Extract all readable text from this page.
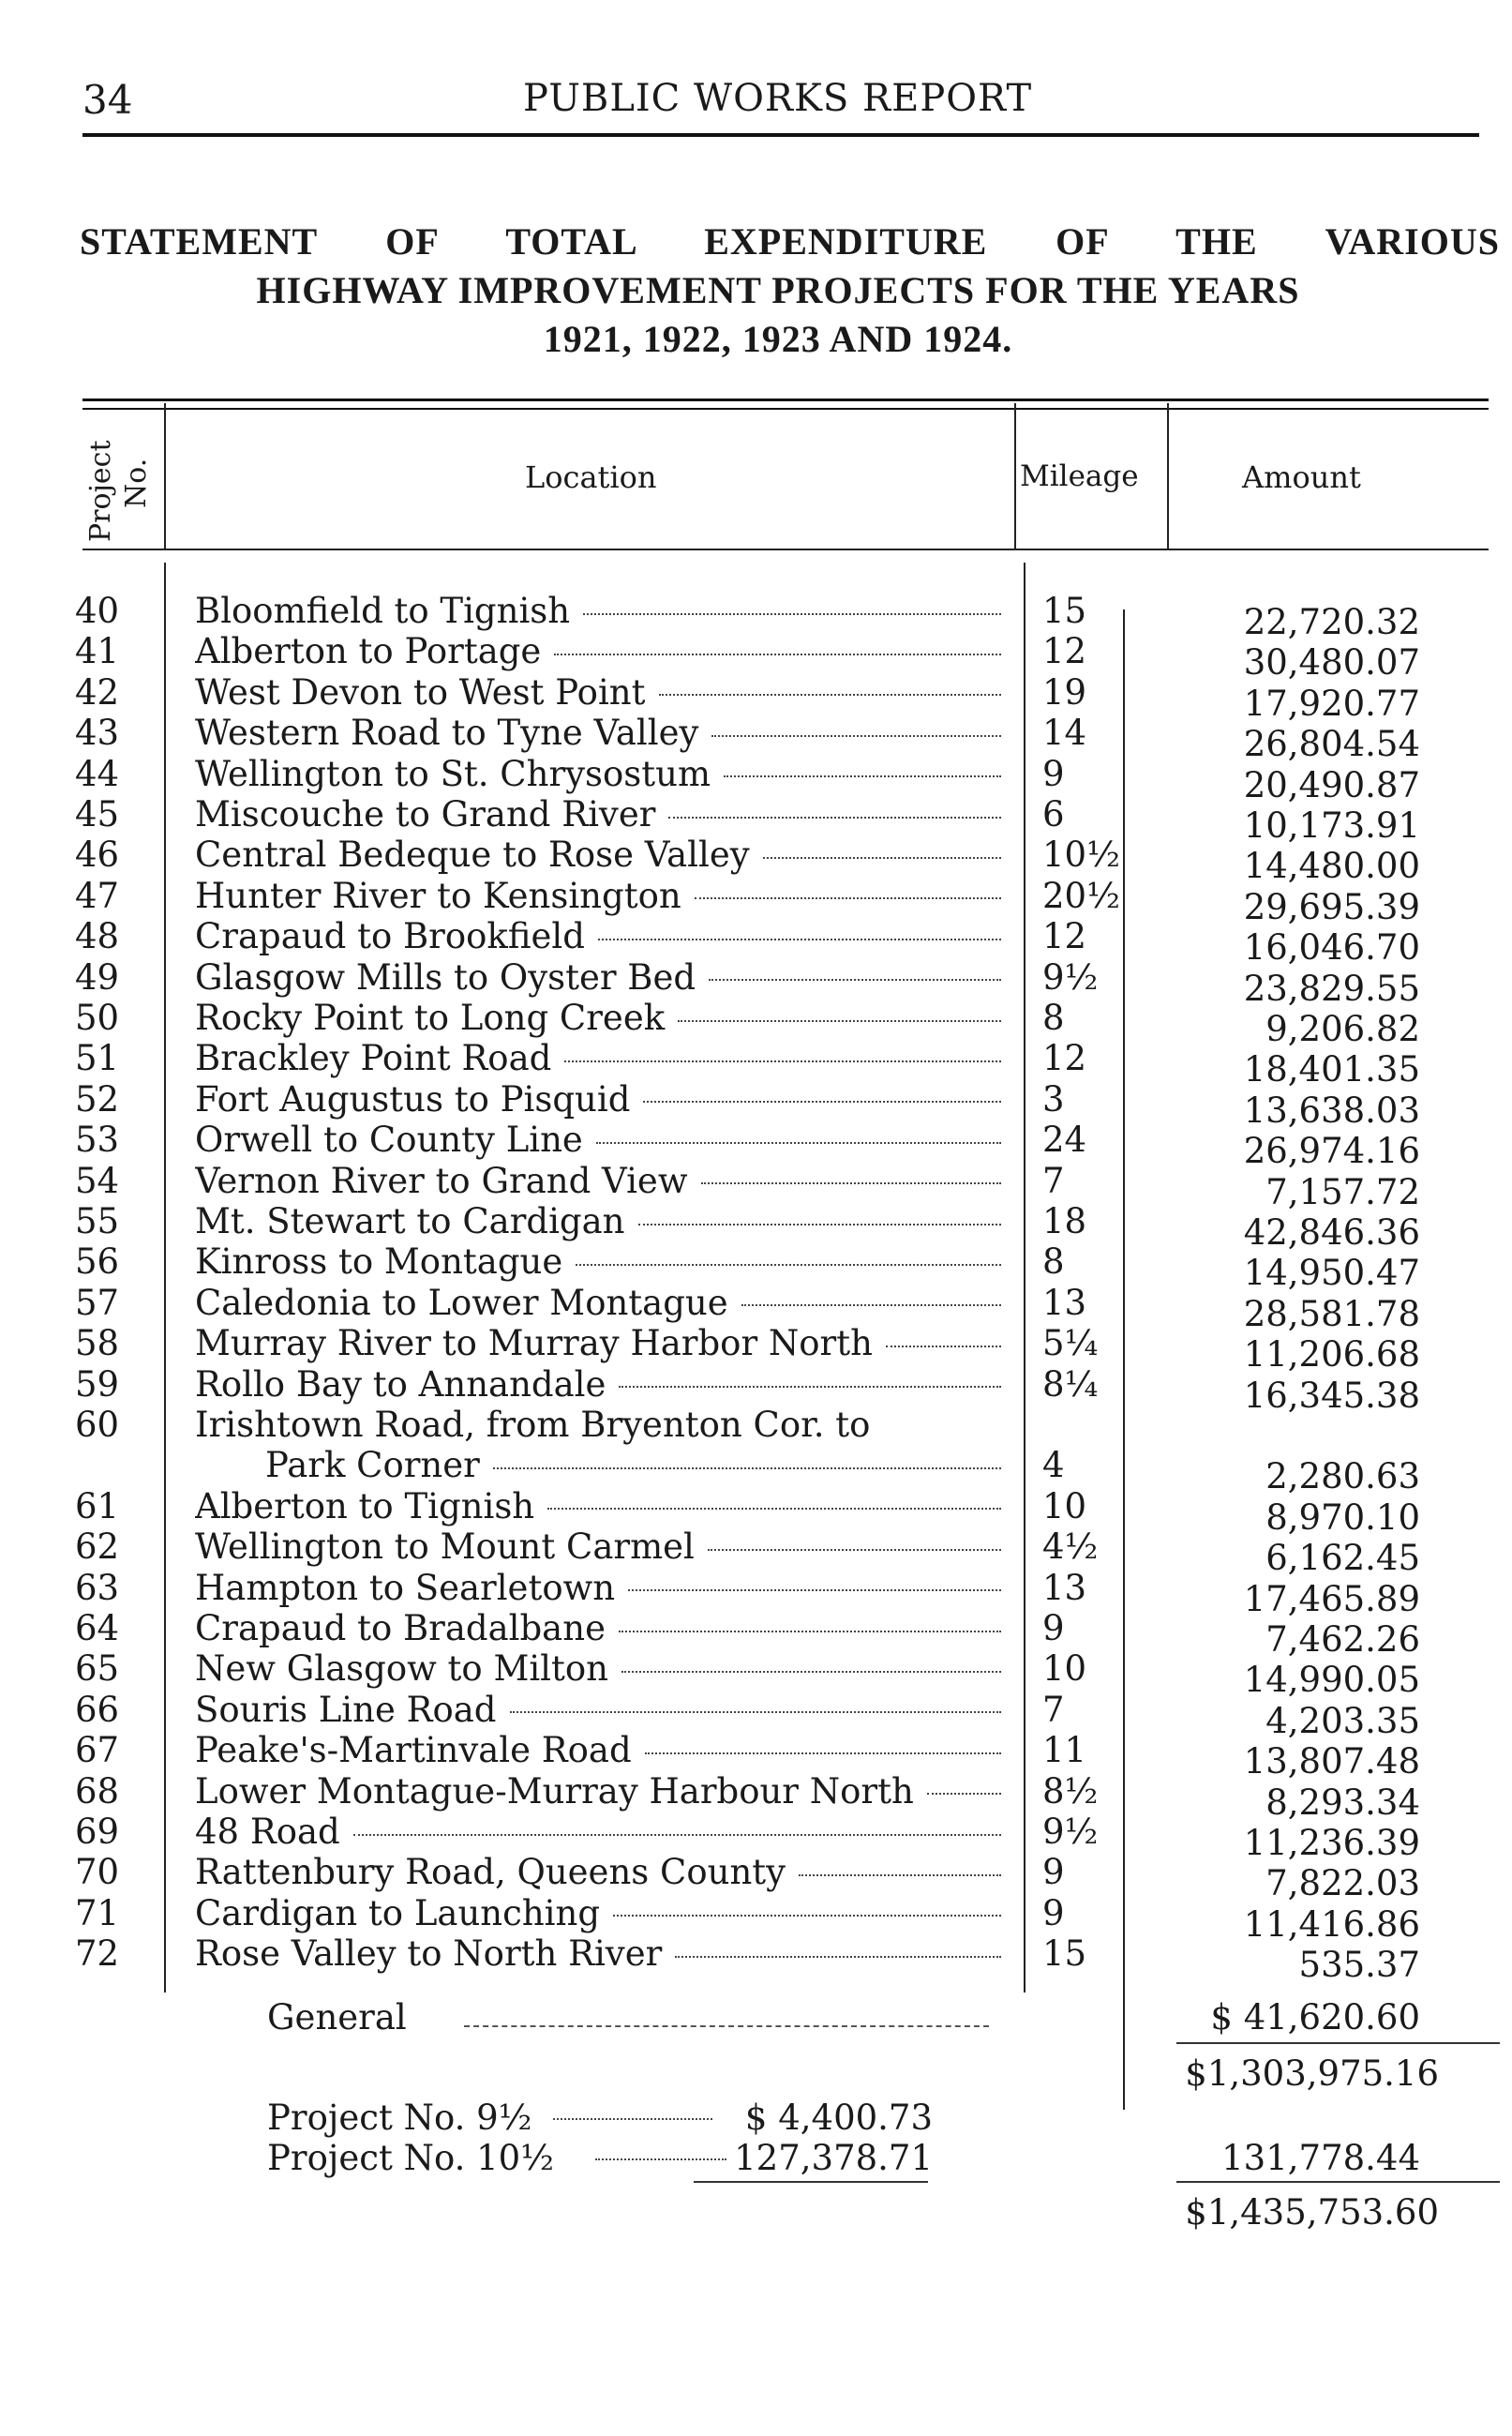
34	PUBLIC WORKS REPORT
STATEMENT OF TOTAL EXPENDITURE OF THE VARIOUS
HIGHWAY IMPROVEMENT PROJECTS FOR THE YEARS
1921, 1922, 1923 AND 1924.
Project No.	Location	Mileage	Amount
40	Bloomfield to Tignish	15	22,720.32
41	Alberton to Portage	12	30,480.07
42	West Devon to West Point	19	17,920.77
43	Western Road to Tyne Valley	14	26,804.54
44	Wellington to St. Chrysostum	9	20,490.87
45	Miscouche to Grand River	6	10,173.91
46	Central Bedeque to Rose Valley	10½	14,480.00
47	Hunter River to Kensington	20½	29,695.39
48	Crapaud to Brookfield	12	16,046.70
49	Glasgow Mills to Oyster Bed	9½	23,829.55
50	Rocky Point to Long Creek	8	9,206.82
51	Brackley Point Road	12	18,401.35
52	Fort Augustus to Pisquid	3	13,638.03
53	Orwell to County Line	24	26,974.16
54	Vernon River to Grand View	7	7,157.72
55	Mt. Stewart to Cardigan	18	42,846.36
56	Kinross to Montague	8	14,950.47
57	Caledonia to Lower Montague	13	28,581.78
58	Murray River to Murray Harbor North	5¼	11,206.68
59	Rollo Bay to Annandale	8¼	16,345.38
60	Irishtown Road, from Bryenton Cor. to
Park Corner	4	2,280.63
61	Alberton to Tignish	10	8,970.10
62	Wellington to Mount Carmel	4½	6,162.45
63	Hampton to Searletown	13	17,465.89
64	Crapaud to Bradalbane	9	7,462.26
65	New Glasgow to Milton	10	14,990.05
66	Souris Line Road	7	4,203.35
67	Peake's-Martinvale Road	11	13,807.48
68	Lower Montague-Murray Harbour North	8½	8,293.34
69	48 Road	9½	11,236.39
70	Rattenbury Road, Queens County	9	7,822.03
71	Cardigan to Launching	9	11,416.86
72	Rose Valley to North River	15	535.37
General	$ 41,620.60
$1,303,975.16
Project No. 9½	$ 4,400.73
Project No. 10½	127,378.71	131,778.44
$1,435,753.60
